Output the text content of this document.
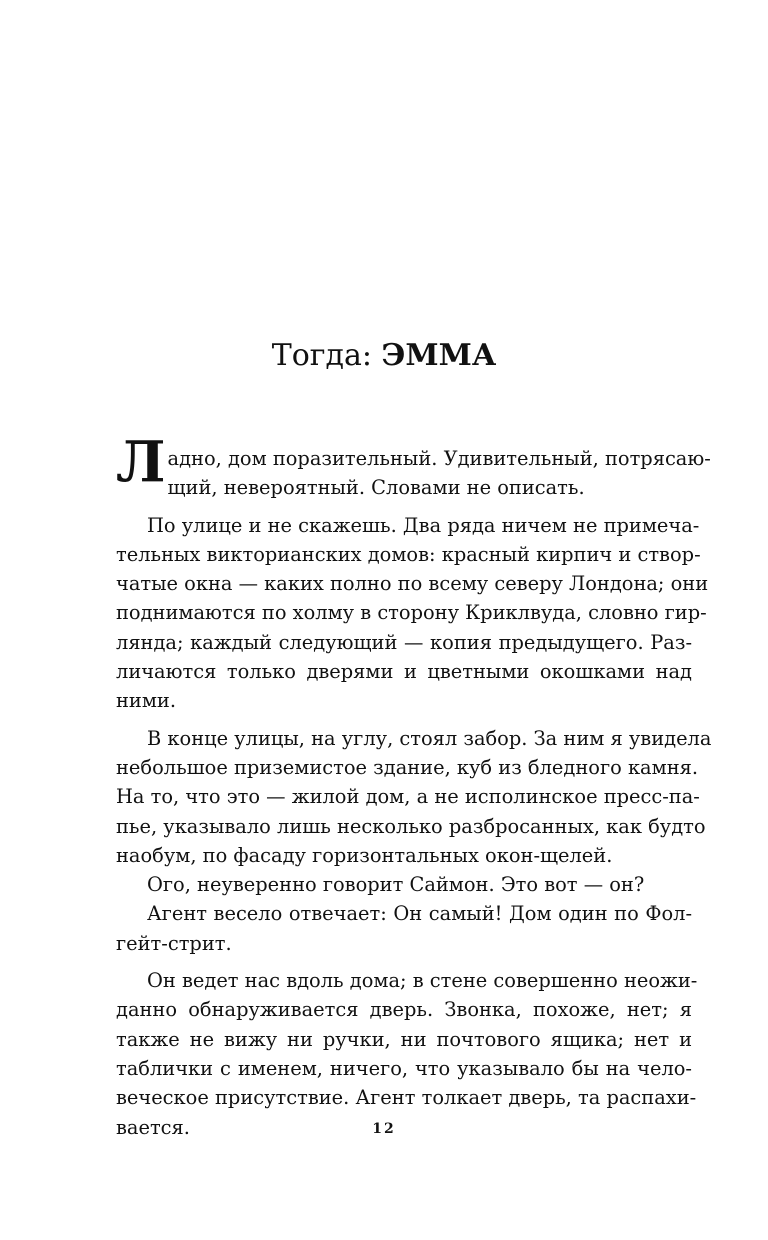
Тогда: ЭММА
Ладно, дом поразительный. Удивительный, потрясаю-
щий, невероятный. Словами не описать.
По улице и не скажешь. Два ряда ничем не примеча-
тельных викторианских домов: красный кирпич и створ-
чатые окна — каких полно по всему северу Лондона; они
поднимаются по холму в сторону Криклвуда, словно гир-
лянда; каждый следующий — копия предыдущего. Раз-
личаются только дверями и цветными окошками над
ними.
В конце улицы, на углу, стоял забор. За ним я увидела
небольшое приземистое здание, куб из бледного камня.
На то, что это — жилой дом, а не исполинское пресс-па-
пье, указывало лишь несколько разбросанных, как будто
наобум, по фасаду горизонтальных окон-щелей.
Ого, неуверенно говорит Саймон. Это вот — он?
Агент весело отвечает: Он самый! Дом один по Фол-
гейт-стрит.
Он ведет нас вдоль дома; в стене совершенно неожи-
данно обнаруживается дверь. Звонка, похоже, нет; я
также не вижу ни ручки, ни почтового ящика; нет и
таблички с именем, ничего, что указывало бы на чело-
веческое присутствие. Агент толкает дверь, та распахи-
вается.	12
